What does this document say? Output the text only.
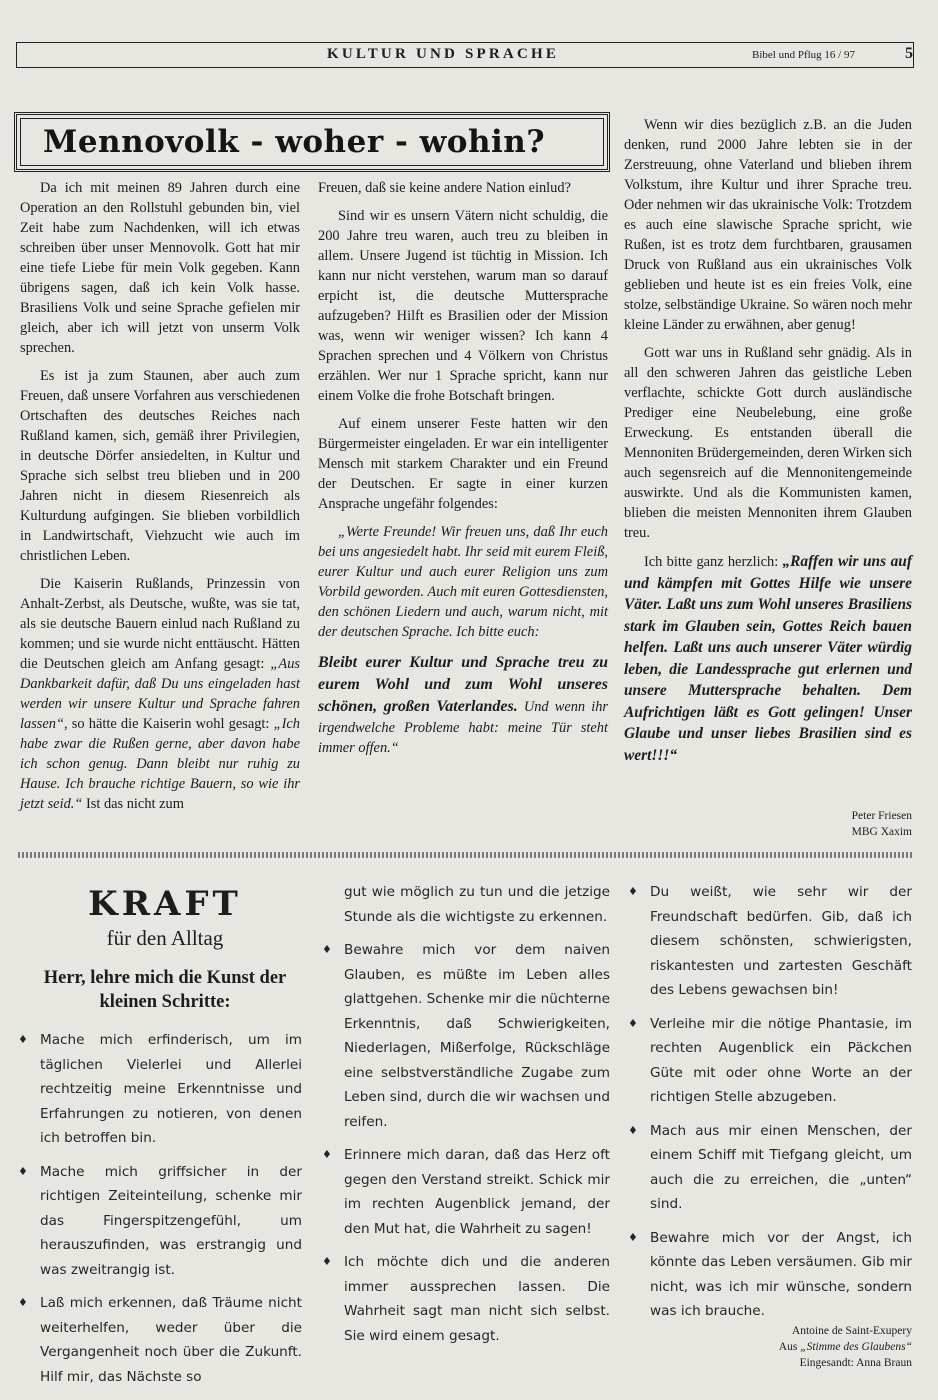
KULTUR UND SPRACHE	Bibel und Pflug 16 / 97	5
Mennovolk - woher - wohin?

Da ich mit meinen 89 Jahren durch eine Operation an den Rollstuhl gebunden bin, viel Zeit habe zum Nachdenken, will ich etwas schreiben über unser Mennovolk. Gott hat mir eine tiefe Liebe für mein Volk gegeben. Kann übrigens sagen, daß ich kein Volk hasse. Brasiliens Volk und seine Sprache gefielen mir gleich, aber ich will jetzt von unserm Volk sprechen.

Es ist ja zum Staunen, aber auch zum Freuen, daß unsere Vorfahren aus verschiedenen Ortschaften des deutsches Reiches nach Rußland kamen, sich, gemäß ihrer Privilegien, in deutsche Dörfer ansiedelten, in Kultur und Sprache sich selbst treu blieben und in 200 Jahren nicht in diesem Riesenreich als Kulturdung aufgingen. Sie blieben vorbildlich in Landwirtschaft, Viehzucht wie auch im christlichen Leben.

Die Kaiserin Rußlands, Prinzessin von Anhalt-Zerbst, als Deutsche, wußte, was sie tat, als sie deutsche Bauern einlud nach Rußland zu kommen; und sie wurde nicht enttäuscht. Hätten die Deutschen gleich am Anfang gesagt: „Aus Dankbarkeit dafür, daß Du uns eingeladen hast werden wir unsere Kultur und Sprache fahren lassen“, so hätte die Kaiserin wohl gesagt: „Ich habe zwar die Rußen gerne, aber davon habe ich schon genug. Dann bleibt nur ruhig zu Hause. Ich brauche richtige Bauern, so wie ihr jetzt seid.“ Ist das nicht zum

Freuen, daß sie keine andere Nation einlud?

Sind wir es unsern Vätern nicht schuldig, die 200 Jahre treu waren, auch treu zu bleiben in allem. Unsere Jugend ist tüchtig in Mission. Ich kann nur nicht verstehen, warum man so darauf erpicht ist, die deutsche Muttersprache aufzugeben? Hilft es Brasilien oder der Mission was, wenn wir weniger wissen? Ich kann 4 Sprachen sprechen und 4 Völkern von Christus erzählen. Wer nur 1 Sprache spricht, kann nur einem Volke die frohe Botschaft bringen.

Auf einem unserer Feste hatten wir den Bürgermeister eingeladen. Er war ein intelligenter Mensch mit starkem Charakter und ein Freund der Deutschen. Er sagte in einer kurzen Ansprache ungefähr folgendes:

„Werte Freunde! Wir freuen uns, daß Ihr euch bei uns angesiedelt habt. Ihr seid mit eurem Fleiß, eurer Kultur und auch eurer Religion uns zum Vorbild geworden. Auch mit euren Gottesdiensten, den schönen Liedern und auch, warum nicht, mit der deutschen Sprache. Ich bitte euch:

Bleibt eurer Kultur und Sprache treu zu eurem Wohl und zum Wohl unseres schönen, großen Vaterlandes. Und wenn ihr irgendwelche Probleme habt: meine Tür steht immer offen.“

Wenn wir dies bezüglich z.B. an die Juden denken, rund 2000 Jahre lebten sie in der Zerstreuung, ohne Vaterland und blieben ihrem Volkstum, ihre Kultur und ihrer Sprache treu. Oder nehmen wir das ukrainische Volk: Trotzdem es auch eine slawische Sprache spricht, wie Rußen, ist es trotz dem furchtbaren, grausamen Druck von Rußland aus ein ukrainisches Volk geblieben und heute ist es ein freies Volk, eine stolze, selbständige Ukraine. So wären noch mehr kleine Länder zu erwähnen, aber genug!

Gott war uns in Rußland sehr gnädig. Als in all den schweren Jahren das geistliche Leben verflachte, schickte Gott durch ausländische Prediger eine Neubelebung, eine große Erweckung. Es entstanden überall die Mennoniten Brüdergemeinden, deren Wirken sich auch segensreich auf die Mennonitengemeinde auswirkte. Und als die Kommunisten kamen, blieben die meisten Mennoniten ihrem Glauben treu.

Ich bitte ganz herzlich: „Raffen wir uns auf und kämpfen mit Gottes Hilfe wie unsere Väter. Laßt uns zum Wohl unseres Brasiliens stark im Glauben sein, Gottes Reich bauen helfen. Laßt uns auch unserer Väter würdig leben, die Landessprache gut erlernen und unsere Muttersprache behalten. Dem Aufrichtigen läßt es Gott gelingen! Unser Glaube und unser liebes Brasilien sind es wert!!!“

Peter Friesen
MBG Xaxim
KRAFT
für den Alltag
Herr, lehre mich die Kunst der kleinen Schritte:

♦ Mache mich erfinderisch, um im täglichen Vielerlei und Allerlei rechtzeitig meine Erkenntnisse und Erfahrungen zu notieren, von denen ich betroffen bin.

♦ Mache mich griffsicher in der richtigen Zeiteinteilung, schenke mir das Fingerspitzengefühl, um herauszufinden, was erstrangig und was zweitrangig ist.

♦ Laß mich erkennen, daß Träume nicht weiterhelfen, weder über die Vergangenheit noch über die Zukunft. Hilf mir, das Nächste so

gut wie möglich zu tun und die jetzige Stunde als die wichtigste zu erkennen.

♦ Bewahre mich vor dem naiven Glauben, es müßte im Leben alles glattgehen. Schenke mir die nüchterne Erkenntnis, daß Schwierigkeiten, Niederlagen, Mißerfolge, Rückschläge eine selbstverständliche Zugabe zum Leben sind, durch die wir wachsen und reifen.

♦ Erinnere mich daran, daß das Herz oft gegen den Verstand streikt. Schick mir im rechten Augenblick jemand, der den Mut hat, die Wahrheit zu sagen!

♦ Ich möchte dich und die anderen immer aussprechen lassen. Die Wahrheit sagt man nicht sich selbst. Sie wird einem gesagt.

♦ Du weißt, wie sehr wir der Freundschaft bedürfen. Gib, daß ich diesem schönsten, schwierigsten, riskantesten und zartesten Geschäft des Lebens gewachsen bin!

♦ Verleihe mir die nötige Phantasie, im rechten Augenblick ein Päckchen Güte mit oder ohne Worte an der richtigen Stelle abzugeben.

♦ Mach aus mir einen Menschen, der einem Schiff mit Tiefgang gleicht, um auch die zu erreichen, die „unten“ sind.

♦ Bewahre mich vor der Angst, ich könnte das Leben versäumen. Gib mir nicht, was ich mir wünsche, sondern was ich brauche.

Antoine de Saint-Exupery
Aus „Stimme des Glaubens“
Eingesandt: Anna Braun
